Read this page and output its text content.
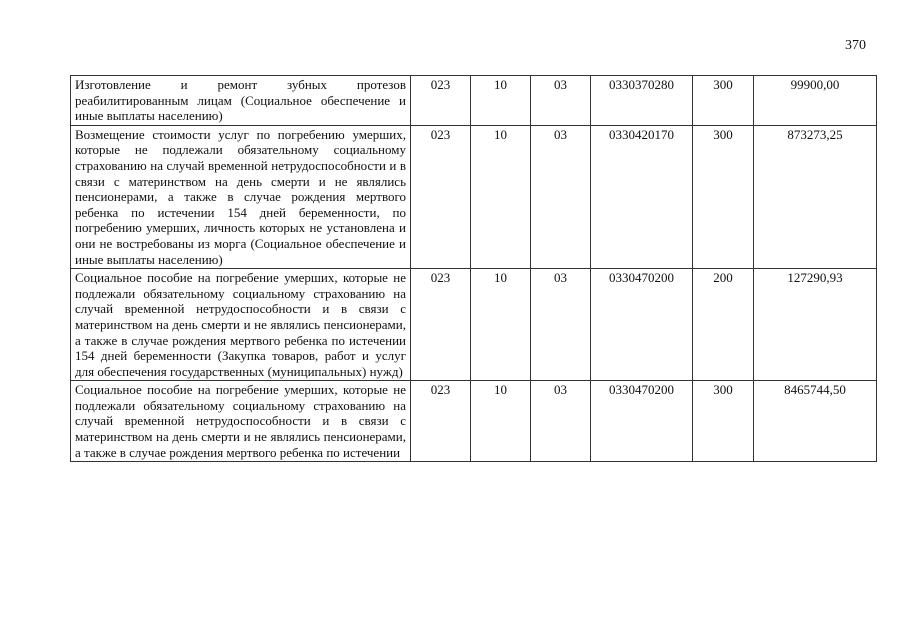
370
Изготовление и ремонт зубных протезов реабилитированным лицам (Социальное обеспечение и иные выплаты населению)	023	10	03	0330370280	300	99900,00
Возмещение стоимости услуг по погребению умерших, которые не подлежали обязательному социальному страхованию на случай временной нетрудоспособности и в связи с материнством на день смерти и не являлись пенсионерами, а также в случае рождения мертвого ребенка по истечении 154 дней беременности, по погребению умерших, личность которых не установлена и они не востребованы из морга (Социальное обеспечение и иные выплаты населению)	023	10	03	0330420170	300	873273,25
Социальное пособие на погребение умерших, которые не подлежали обязательному социальному страхованию на случай временной нетрудоспособности и в связи с материнством на день смерти и не являлись пенсионерами, а также в случае рождения мертвого ребенка по истечении 154 дней беременности (Закупка товаров, работ и услуг для обеспечения государственных (муниципальных) нужд)	023	10	03	0330470200	200	127290,93
Социальное пособие на погребение умерших, которые не подлежали обязательному социальному страхованию на случай временной нетрудоспособности и в связи с материнством на день смерти и не являлись пенсионерами, а также в случае рождения мертвого ребенка по истечении	023	10	03	0330470200	300	8465744,50
